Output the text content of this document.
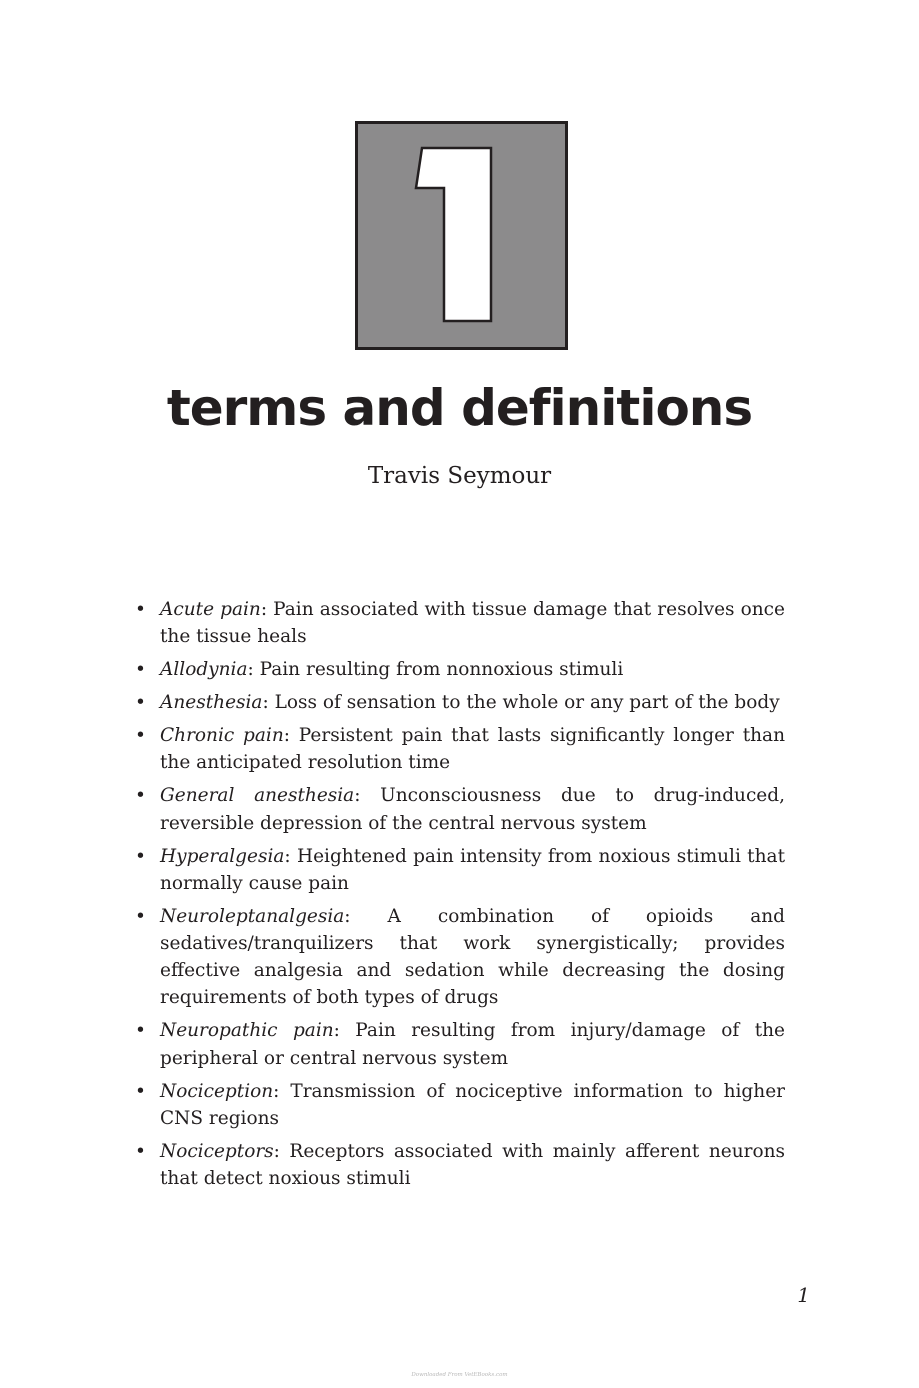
terms and definitions
Travis Seymour
• Acute pain: Pain associated with tissue damage that resolves once the tissue heals
• Allodynia: Pain resulting from nonnoxious stimuli
• Anesthesia: Loss of sensation to the whole or any part of the body
• Chronic pain: Persistent pain that lasts significantly longer than the anticipated resolution time
• General anesthesia: Unconsciousness due to drug-induced, reversible depression of the central nervous system
• Hyperalgesia: Heightened pain intensity from noxious stimuli that normally cause pain
• Neuroleptanalgesia: A combination of opioids and sedatives/tranquilizers that work synergistically; provides effective analgesia and sedation while decreasing the dosing requirements of both types of drugs
• Neuropathic pain: Pain resulting from injury/damage of the peripheral or central nervous system
• Nociception: Transmission of nociceptive information to higher CNS regions
• Nociceptors: Receptors associated with mainly afferent neurons that detect noxious stimuli
1
Downloaded From VetEBooks.com
